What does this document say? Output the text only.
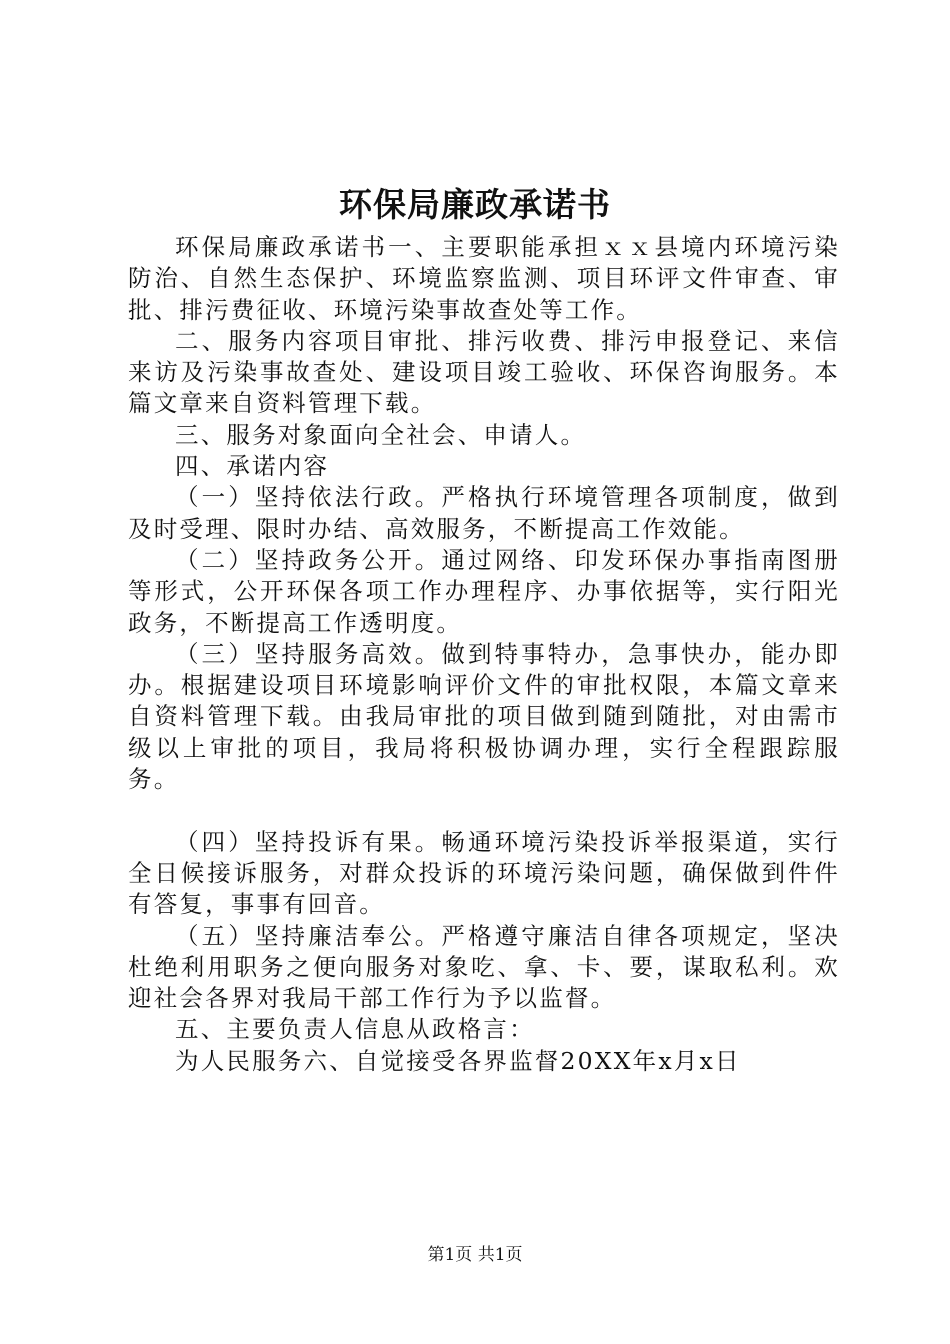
环保局廉政承诺书

环保局廉政承诺书一、主要职能承担ｘｘ县境内环境污染防治、自然生态保护、环境监察监测、项目环评文件审查、审批、排污费征收、环境污染事故查处等工作。

二、服务内容项目审批、排污收费、排污申报登记、来信来访及污染事故查处、建设项目竣工验收、环保咨询服务。本篇文章来自资料管理下载。

三、服务对象面向全社会、申请人。

四、承诺内容

（一）坚持依法行政。严格执行环境管理各项制度，做到及时受理、限时办结、高效服务，不断提高工作效能。

（二）坚持政务公开。通过网络、印发环保办事指南图册等形式，公开环保各项工作办理程序、办事依据等，实行阳光政务，不断提高工作透明度。

（三）坚持服务高效。做到特事特办，急事快办，能办即办。根据建设项目环境影响评价文件的审批权限，本篇文章来自资料管理下载。由我局审批的项目做到随到随批，对由需市级以上审批的项目，我局将积极协调办理，实行全程跟踪服务。

（四）坚持投诉有果。畅通环境污染投诉举报渠道，实行全日候接诉服务，对群众投诉的环境污染问题，确保做到件件有答复，事事有回音。

（五）坚持廉洁奉公。严格遵守廉洁自律各项规定，坚决杜绝利用职务之便向服务对象吃、拿、卡、要，谋取私利。欢迎社会各界对我局干部工作行为予以监督。

五、主要负责人信息从政格言：

为人民服务六、自觉接受各界监督20XX年x月x日

第1页 共1页
